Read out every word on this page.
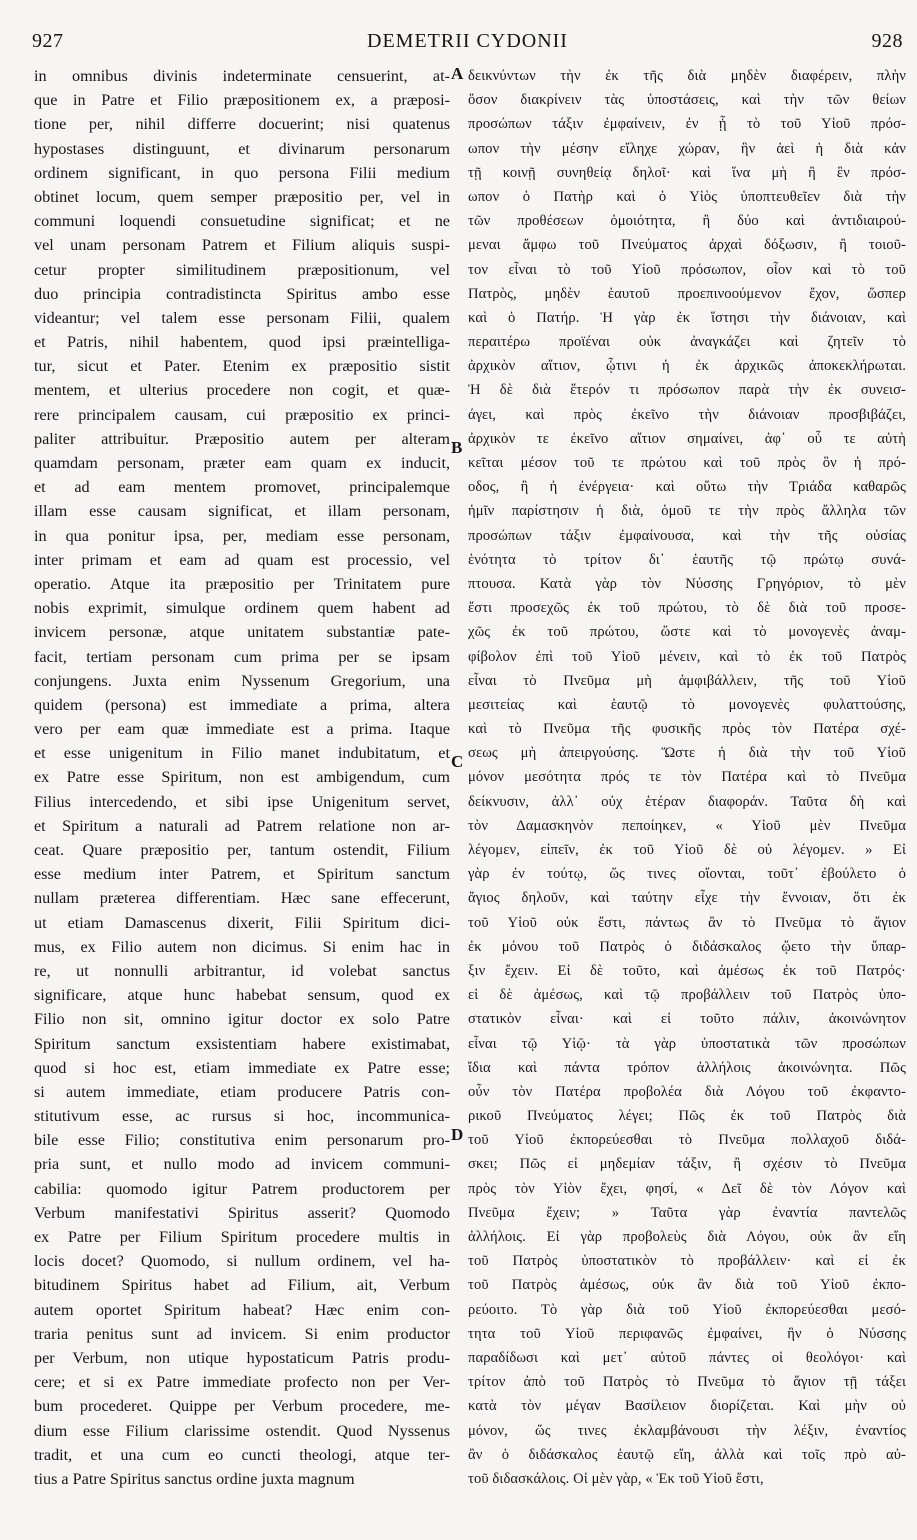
927	DEMETRII CYDONII	928
in omnibus divinis indeterminate censuerint, at-
que in Patre et Filio præpositionem ex, a præposi-
tione per, nihil differre docuerint; nisi quatenus
hypostases distinguunt, et divinarum personarum
ordinem significant, in quo persona Filii medium
obtinet locum, quem semper præpositio per, vel in
communi loquendi consuetudine significat; et ne
vel unam personam Patrem et Filium aliquis suspi-
cetur propter similitudinem præpositionum, vel
duo principia contradistincta Spiritus ambo esse
videantur; vel talem esse personam Filii, qualem
et Patris, nihil habentem, quod ipsi præintelliga-
tur, sicut et Pater. Etenim ex præpositio sistit
mentem, et ulterius procedere non cogit, et quæ-
rere principalem causam, cui præpositio ex princi-
paliter attribuitur. Præpositio autem per alteram
quamdam personam, præter eam quam ex inducit,
et ad eam mentem promovet, principalemque
illam esse causam significat, et illam personam,
in qua ponitur ipsa, per, mediam esse personam,
inter primam et eam ad quam est processio, vel
operatio. Atque ita præpositio per Trinitatem pure
nobis exprimit, simulque ordinem quem habent ad
invicem personæ, atque unitatem substantiæ pate-
facit, tertiam personam cum prima per se ipsam
conjungens. Juxta enim Nyssenum Gregorium, una
quidem (persona) est immediate a prima, altera
vero per eam quæ immediate est a prima. Itaque
et esse unigenitum in Filio manet indubitatum, et
ex Patre esse Spiritum, non est ambigendum, cum
Filius intercedendo, et sibi ipse Unigenitum servet,
et Spiritum a naturali ad Patrem relatione non ar-
ceat. Quare præpositio per, tantum ostendit, Filium
esse medium inter Patrem, et Spiritum sanctum
nullam præterea differentiam. Hæc sane effecerunt,
ut etiam Damascenus dixerit, Filii Spiritum dici-
mus, ex Filio autem non dicimus. Si enim hac in
re, ut nonnulli arbitrantur, id volebat sanctus
significare, atque hunc habebat sensum, quod ex
Filio non sit, omnino igitur doctor ex solo Patre
Spiritum sanctum exsistentiam habere existimabat,
quod si hoc est, etiam immediate ex Patre esse;
si autem immediate, etiam producere Patris con-
stitutivum esse, ac rursus si hoc, incommunica-
bile esse Filio; constitutiva enim personarum pro-
pria sunt, et nullo modo ad invicem communi-
cabilia: quomodo igitur Patrem productorem per
Verbum manifestativi Spiritus asserit? Quomodo
ex Patre per Filium Spiritum procedere multis in
locis docet? Quomodo, si nullum ordinem, vel ha-
bitudinem Spiritus habet ad Filium, ait, Verbum
autem oportet Spiritum habeat? Hæc enim con-
traria penitus sunt ad invicem. Si enim productor
per Verbum, non utique hypostaticum Patris produ-
cere; et si ex Patre immediate profecto non per Ver-
bum procederet. Quippe per Verbum procedere, me-
dium esse Filium clarissime ostendit. Quod Nyssenus
tradit, et una cum eo cuncti theologi, atque ter-
tius a Patre Spiritus sanctus ordine juxta magnum
δεικνύντων τὴν ἐκ τῆς διὰ μηδὲν διαφέρειν, πλὴν
ὅσον διακρίνειν τὰς ὑποστάσεις, καὶ τὴν τῶν θείων
προσώπων τάξιν ἐμφαίνειν, ἐν ᾗ τὸ τοῦ Υἱοῦ πρόσ-
ωπον τὴν μέσην εἴληχε χώραν, ἣν ἀεὶ ἡ διὰ κἀν
τῇ κοινῇ συνηθείᾳ δηλοῖ· καὶ ἵνα μὴ ἢ ἓν πρόσ-
ωπον ὁ Πατὴρ καὶ ὁ Υἱὸς ὑποπτευθεῖεν διὰ τὴν
τῶν προθέσεων ὁμοιότητα, ἢ δύο καὶ ἀντιδιαιρού-
μεναι ἄμφω τοῦ Πνεύματος ἀρχαὶ δόξωσιν, ἢ τοιοῦ-
τον εἶναι τὸ τοῦ Υἱοῦ πρόσωπον, οἷον καὶ τὸ τοῦ
Πατρὸς, μηδὲν ἑαυτοῦ προεπινοούμενον ἔχον, ὥσπερ
καὶ ὁ Πατήρ. Ἡ γὰρ ἐκ ἵστησι τὴν διάνοιαν, καὶ
περαιτέρω προϊέναι οὐκ ἀναγκάζει καὶ ζητεῖν τὸ
ἀρχικὸν αἴτιον, ᾧτινι ἡ ἐκ ἀρχικῶς ἀποκεκλήρωται.
Ἡ δὲ διὰ ἕτερόν τι πρόσωπον παρὰ τὴν ἐκ συνεισ-
άγει, καὶ πρὸς ἐκεῖνο τὴν διάνοιαν προσβιβάζει,
ἀρχικὸν τε ἐκεῖνο αἴτιον σημαίνει, ἀφ᾽ οὗ τε αὐτὴ
κεῖται μέσον τοῦ τε πρώτου καὶ τοῦ πρὸς ὃν ἡ πρό-
οδος, ἢ ἡ ἐνέργεια· καὶ οὕτω τὴν Τριάδα καθαρῶς
ἡμῖν παρίστησιν ἡ διὰ, ὁμοῦ τε τὴν πρὸς ἄλληλα τῶν
προσώπων τάξιν ἐμφαίνουσα, καὶ τὴν τῆς οὐσίας
ἑνότητα τὸ τρίτον δι᾽ ἑαυτῆς τῷ πρώτῳ συνά-
πτουσα. Κατὰ γὰρ τὸν Νύσσης Γρηγόριον, τὸ μὲν
ἔστι προσεχῶς ἐκ τοῦ πρώτου, τὸ δὲ διὰ τοῦ προσε-
χῶς ἐκ τοῦ πρώτου, ὥστε καὶ τὸ μονογενὲς ἀναμ-
φίβολον ἐπὶ τοῦ Υἱοῦ μένειν, καὶ τὸ ἐκ τοῦ Πατρὸς
εἶναι τὸ Πνεῦμα μὴ ἀμφιβάλλειν, τῆς τοῦ Υἱοῦ
μεσιτείας καὶ ἑαυτῷ τὸ μονογενὲς φυλαττούσης,
καὶ τὸ Πνεῦμα τῆς φυσικῆς πρὸς τὸν Πατέρα σχέ-
σεως μὴ ἀπειργούσης. Ὥστε ἡ διὰ τὴν τοῦ Υἱοῦ
μόνον μεσότητα πρός τε τὸν Πατέρα καὶ τὸ Πνεῦμα
δείκνυσιν, ἀλλ᾽ οὐχ ἑτέραν διαφοράν. Ταῦτα δὴ καὶ
τὸν Δαμασκηνὸν πεποίηκεν, « Υἱοῦ μὲν Πνεῦμα
λέγομεν, εἰπεῖν, ἐκ τοῦ Υἱοῦ δὲ οὐ λέγομεν. » Εἰ
γὰρ ἐν τούτῳ, ὥς τινες οἴονται, τοῦτ᾽ ἐβούλετο ὁ
ἅγιος δηλοῦν, καὶ ταύτην εἶχε τὴν ἔννοιαν, ὅτι ἐκ
τοῦ Υἱοῦ οὐκ ἔστι, πάντως ἂν τὸ Πνεῦμα τὸ ἅγιον
ἐκ μόνου τοῦ Πατρὸς ὁ διδάσκαλος ᾤετο τὴν ὕπαρ-
ξιν ἔχειν. Εἰ δὲ τοῦτο, καὶ ἀμέσως ἐκ τοῦ Πατρός·
εἰ δὲ ἀμέσως, καὶ τῷ προβάλλειν τοῦ Πατρὸς ὑπο-
στατικὸν εἶναι· καὶ εἰ τοῦτο πάλιν, ἀκοινώνητον
εἶναι τῷ Υἱῷ· τὰ γὰρ ὑποστατικὰ τῶν προσώπων
ἴδια καὶ πάντα τρόπον ἀλλήλοις ἀκοινώνητα. Πῶς
οὖν τὸν Πατέρα προβολέα διὰ Λόγου τοῦ ἐκφαντο-
ρικοῦ Πνεύματος λέγει; Πῶς ἐκ τοῦ Πατρὸς διὰ
τοῦ Υἱοῦ ἐκπορεύεσθαι τὸ Πνεῦμα πολλαχοῦ διδά-
σκει; Πῶς εἰ μηδεμίαν τάξιν, ἢ σχέσιν τὸ Πνεῦμα
πρὸς τὸν Υἱὸν ἔχει, φησί, « Δεῖ δὲ τὸν Λόγον καὶ
Πνεῦμα ἔχειν; » Ταῦτα γὰρ ἐναντία παντελῶς
ἀλλήλοις. Εἰ γὰρ προβολεὺς διὰ Λόγου, οὐκ ἂν εἴη
τοῦ Πατρὸς ὑποστατικὸν τὸ προβάλλειν· καὶ εἰ ἐκ
τοῦ Πατρὸς ἀμέσως, οὐκ ἂν διὰ τοῦ Υἱοῦ ἐκπο-
ρεύοιτο. Τὸ γὰρ διὰ τοῦ Υἱοῦ ἐκπορεύεσθαι μεσό-
τητα τοῦ Υἱοῦ περιφανῶς ἐμφαίνει, ἣν ὁ Νύσσης
παραδίδωσι καὶ μετ᾽ αὐτοῦ πάντες οἱ θεολόγοι· καὶ
τρίτον ἀπὸ τοῦ Πατρὸς τὸ Πνεῦμα τὸ ἅγιον τῇ τάξει
κατὰ τὸν μέγαν Βασίλειον διορίζεται. Καὶ μὴν οὐ
μόνον, ὥς τινες ἐκλαμβάνουσι τὴν λέξιν, ἐναντίος
ἂν ὁ διδάσκαλος ἑαυτῷ εἴη, ἀλλὰ καὶ τοῖς πρὸ αὐ-
τοῦ διδασκάλοις. Οἱ μὲν γὰρ, « Ἐκ τοῦ Υἱοῦ ἔστι,
A
B
C
D
